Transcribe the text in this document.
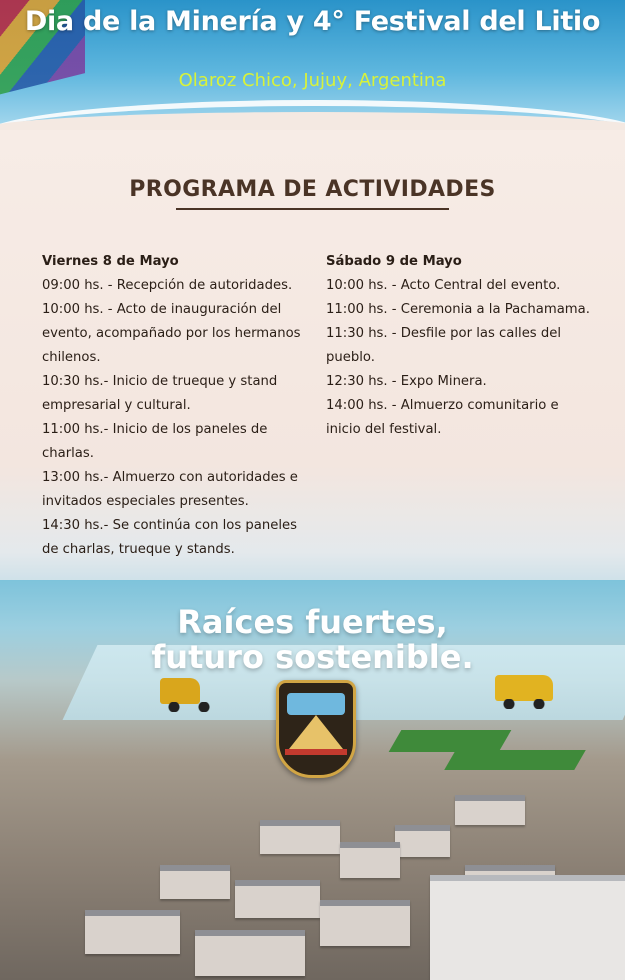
Dia de la Minería y 4° Festival del Litio
Olaroz Chico, Jujuy, Argentina
PROGRAMA DE ACTIVIDADES

Viernes 8 de Mayo

09:00 hs. - Recepción de autoridades.

10:00 hs. - Acto de inauguración del evento, acompañado por los hermanos chilenos.

10:30 hs.- Inicio de trueque y stand empresarial y cultural.

11:00 hs.- Inicio de los paneles de charlas.

13:00 hs.- Almuerzo con autoridades e invitados especiales presentes.

14:30 hs.- Se continúa con los paneles de charlas, trueque y stands.

Sábado 9 de Mayo

10:00 hs. - Acto Central del evento.

11:00 hs. - Ceremonia a la Pachamama.

11:30 hs. - Desfile por las calles del pueblo.

12:30 hs. - Expo Minera.

14:00 hs. - Almuerzo comunitario e inicio del festival.

Raíces fuertes,
futuro sostenible.
